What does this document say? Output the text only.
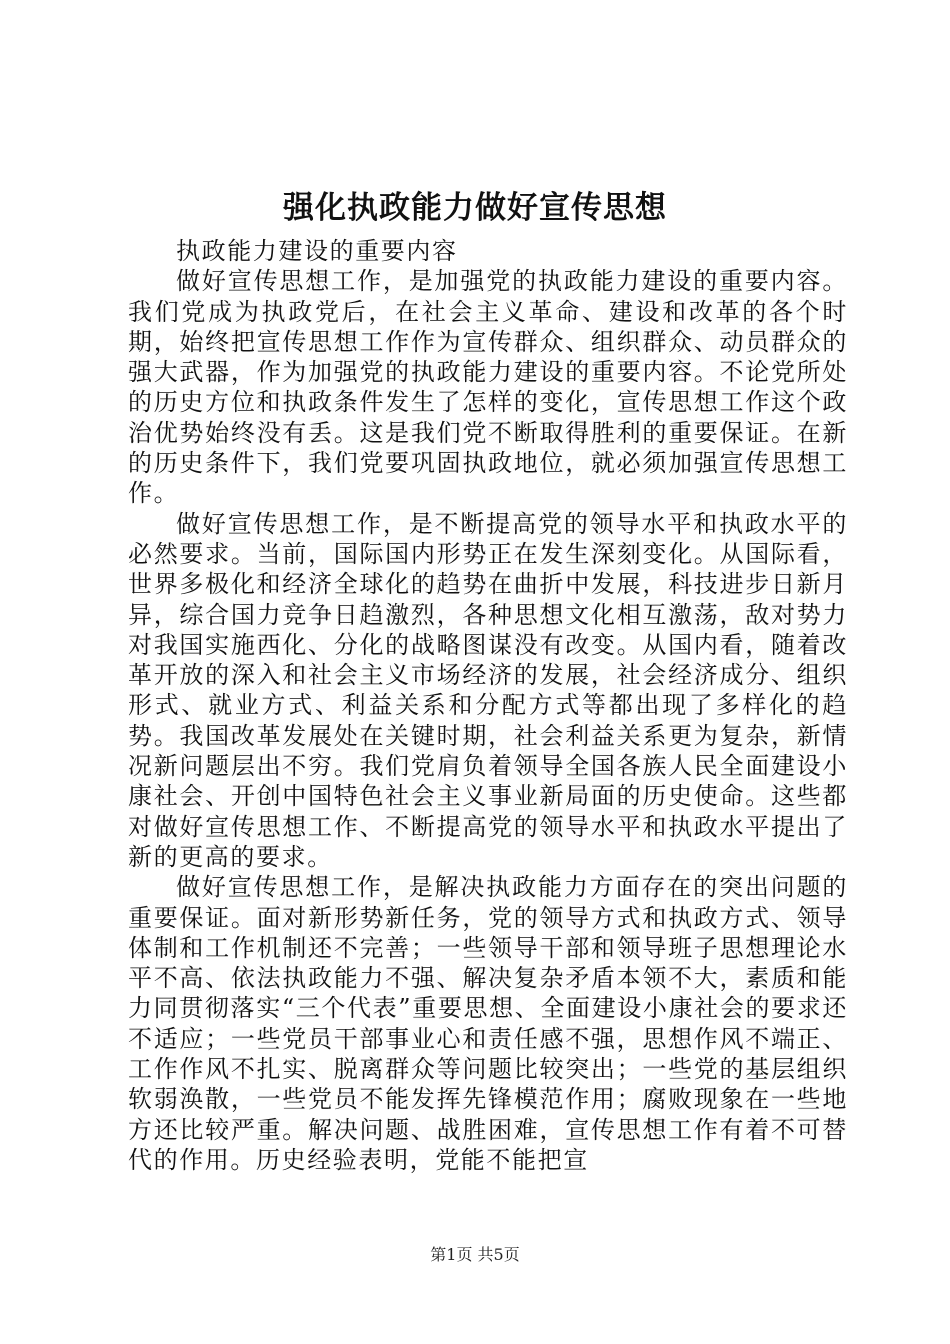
强化执政能力做好宣传思想

执政能力建设的重要内容

做好宣传思想工作，是加强党的执政能力建设的重要内容。我们党成为执政党后，在社会主义革命、建设和改革的各个时期，始终把宣传思想工作作为宣传群众、组织群众、动员群众的强大武器，作为加强党的执政能力建设的重要内容。不论党所处的历史方位和执政条件发生了怎样的变化，宣传思想工作这个政治优势始终没有丢。这是我们党不断取得胜利的重要保证。在新的历史条件下，我们党要巩固执政地位，就必须加强宣传思想工作。

做好宣传思想工作，是不断提高党的领导水平和执政水平的必然要求。当前，国际国内形势正在发生深刻变化。从国际看，世界多极化和经济全球化的趋势在曲折中发展，科技进步日新月异，综合国力竞争日趋激烈，各种思想文化相互激荡，敌对势力对我国实施西化、分化的战略图谋没有改变。从国内看，随着改革开放的深入和社会主义市场经济的发展，社会经济成分、组织形式、就业方式、利益关系和分配方式等都出现了多样化的趋势。我国改革发展处在关键时期，社会利益关系更为复杂，新情况新问题层出不穷。我们党肩负着领导全国各族人民全面建设小康社会、开创中国特色社会主义事业新局面的历史使命。这些都对做好宣传思想工作、不断提高党的领导水平和执政水平提出了新的更高的要求。

做好宣传思想工作，是解决执政能力方面存在的突出问题的重要保证。面对新形势新任务，党的领导方式和执政方式、领导体制和工作机制还不完善；一些领导干部和领导班子思想理论水平不高、依法执政能力不强、解决复杂矛盾本领不大，素质和能力同贯彻落实“三个代表”重要思想、全面建设小康社会的要求还不适应；一些党员干部事业心和责任感不强，思想作风不端正、工作作风不扎实、脱离群众等问题比较突出；一些党的基层组织软弱涣散，一些党员不能发挥先锋模范作用；腐败现象在一些地方还比较严重。解决问题、战胜困难，宣传思想工作有着不可替代的作用。历史经验表明，党能不能把宣

第1页 共5页
